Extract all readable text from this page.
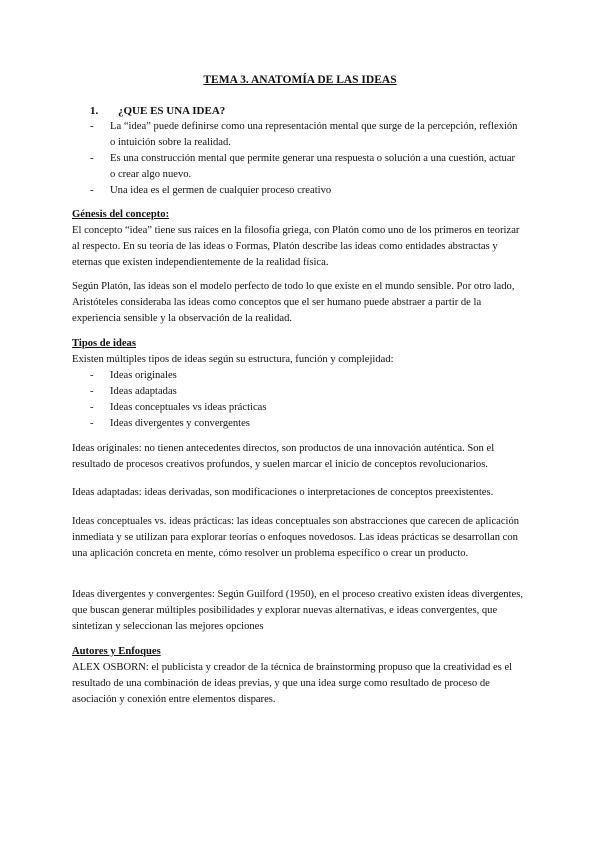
TEMA 3. ANATOMÍA DE LAS IDEAS
1. ¿QUE ES UNA IDEA?
- La “idea” puede definirse como una representación mental que surge de la percepción, reflexión o intuición sobre la realidad.
- Es una construcción mental que permite generar una respuesta o solución a una cuestión, actuar o crear algo nuevo.
- Una idea es el germen de cualquier proceso creativo
Génesis del concepto:

El concepto “idea” tiene sus raíces en la filosofía griega, con Platón como uno de los primeros en teorizar al respecto. En su teoría de las ideas o Formas, Platón describe las ideas como entidades abstractas y eternas que existen independientemente de la realidad física.

Según Platón, las ideas son el modelo perfecto de todo lo que existe en el mundo sensible. Por otro lado, Aristóteles consideraba las ideas como conceptos que el ser humano puede abstraer a partir de la experiencia sensible y la observación de la realidad.

Tipos de ideas

Existen múltiples tipos de ideas según su estructura, función y complejidad:

- Ideas originales
- Ideas adaptadas
- Ideas conceptuales vs ideas prácticas
- Ideas divergentes y convergentes

Ideas originales: no tienen antecedentes directos, son productos de una innovación auténtica. Son el resultado de procesos creativos profundos, y suelen marcar el inicio de conceptos revolucionarios.

Ideas adaptadas: ideas derivadas, son modificaciones o interpretaciones de conceptos preexistentes.

Ideas conceptuales vs. ideas prácticas: las ideas conceptuales son abstracciones que carecen de aplicación inmediata y se utilizan para explorar teorías o enfoques novedosos. Las ideas prácticas se desarrollan con una aplicación concreta en mente, cómo resolver un problema específico o crear un producto.

Ideas divergentes y convergentes: Según Guilford (1950), en el proceso creativo existen ideas divergentes, que buscan generar múltiples posibilidades y explorar nuevas alternativas, e ideas convergentes, que sintetizan y seleccionan las mejores opciones

Autores y Enfoques

ALEX OSBORN: el publicista y creador de la técnica de brainstorming propuso que la creatividad es el resultado de una combinación de ideas previas, y que una idea surge como resultado de proceso de asociación y conexión entre elementos dispares.
